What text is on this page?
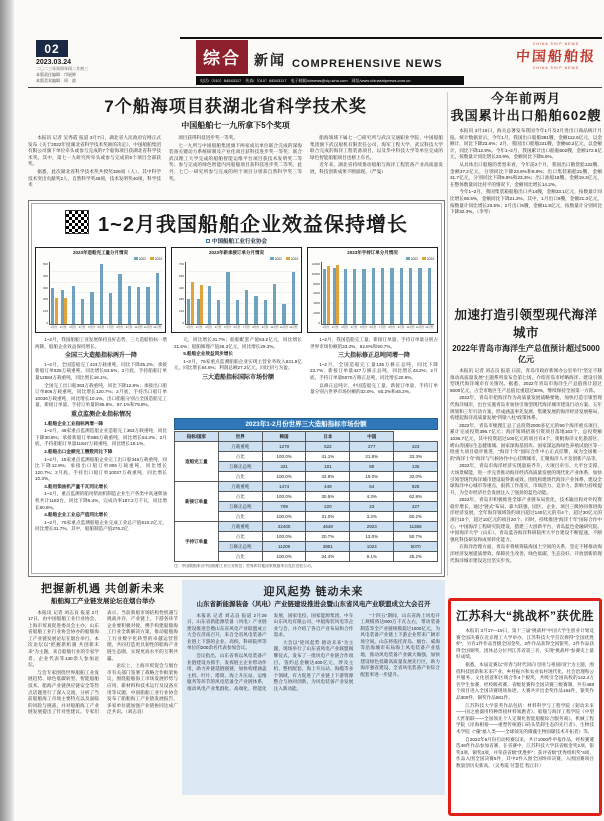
02
2023.03.24
二〇二三年癸卯年闰二月初三
本版责任编辑　邝展婷
本版美术编辑　周　波
综合 新闻 COMPREHENSIVE NEWS
电话/（010）84543117　传真/（010）84543117　电子邮箱/cbnews@vip.sina.com　网址/www.chinashipnews.com.cn
CHINA SHIP NEWS
中国船舶报
CHINA SHIP NEWS
7个船海项目获湖北省科学技术奖
中国船舶七一九所拿下5个奖项

本报讯 记者 吴秀霞 报道 3月7日，湖北省人民政府官网正式发布《关于2022年度湖北省科学技术奖励的决定》，中国船舶集团有限公司旗下单位牵头或参与完成的7个船海项目获湖北省科学技术奖。其中，第七一九研究所牵头或参与完成的5个项目全部获奖。

据悉，此次湖北省科学技术奖共授奖326项（人），其中科学技术突出贡献奖2人，自然科学奖45项，技术发明奖40项，科学技术

项目获得科技进步奖一等奖。

七一九所与中国船舶集团旗下两家成员单位联合完成的深海装备关键动力系统研制及产业化项目获科技进步奖一等奖；联合武汉理工大学完成的船舶智能运维平台项目获技术发明奖二等奖；参与完成的绿色智能内河船舶项目获科技进步奖二等奖。此外，七〇一研究所参与完成的两个项目分别获自然科学奖三等奖。

船海领域下属七一〇研究所与武汉交通职业学院、中国船舶集团旗下武汉船机有限责任公司，海军工程大学、武汉科技大学联合完成的海洋工程装备项目，以及华中科技大学等单位完成的绿色智能船舶项目也榜上有名。

近年来，湖北省持续推动船舶与海洋工程装备产业高质量发展，科技创新成果不断涌现。（严曼）

1~2月我国船舶企业效益保持增长
中国船舶工业行业协会
2023年造船完工量分月情况
2022	2023
500
400
300
200
100
0
1月份	2月份	3月份	4月份	5月份	6月份	7月份	8月份	9月份 10月份 11月份 12月份
2023年新承接订单分月情况
2022	2023
700
560
420
280
140
0
1月份	2月份	3月份	4月份	5月份	6月份	7月份	8月份	9月份 10月份 11月份 12月份
2023年手持订单分月情况
2022	2023
12000
10000
8000
6000
4000
2000
0
1月份	2月份	3月份	4月份	5月份	6月份	7月份	8月份	9月份 10月份 11月份 12月份

1~2月，我国船舶工业发展保持良好态势，三大造船指标一增两降，船舶企业效益保持增长。

全国三大造船指标两升一降

1~2月，全国造船完工423万载重吨，同比下降25.2%；承接新船订单925万载重吨，同比增长63.5%；2月底，手持船舶订单量12584万载重吨，同比增长16.1%。

全国完工出口船363万载重吨，同比下降12.8%；承接出口船订单806万载重吨，同比增长120.7%；2月底，手持出口船订单10036万载重吨，同比增长10.1%。出口船舶分别占全国造船完工量、新接订单量、手持订单量的85.8%、87.1%和79.8%。

重点监测企业指标情况

1.船舶企业工业指标两增一降

1~2月，45家重点监测造船企业造船完工363万载重吨，同比下降30.8%；承接新船订单885万载重吨，同比增长64.3%；2月底，手持船舶订单量11847万载重吨，同比增长16.1%。

2.船舶出口金额完工艘数同比下降

1~2月，15家重点监测船舶企业完工出口船346万载重吨，同比下降12.9%；承接出口船订单806万载重吨，同比增长120.7%；2月底，手持出口船订单10037万载重吨，同比增长10.3%。

3.船用柴油机产量千瓦同比增长

1~2月，重点监测的船用柴油机制造企业生产各类中高速柴油机共计1182台，同比下降5.4%，完成功率187.2万千瓦，同比增长60.6%。

4.船舶企业工业总产值同比增长

1~2月，75家重点监测船舶企业完成工业总产值610.2亿元，同比增长31.7%。其中，船舶制造产值276.2亿

元，同比增长31.7%；船舶配套产值53.2亿元，同比增长21.5%；船舶修理产值36.3亿元，同比增长29.3%。

5.船舶企业效益同步增长

1~2月，75家重点监测船舶企业实现主营业务收入621.8亿元，同比增长64.6%；利润总额27.2亿元，同比扭亏为盈。

三大造船指标国际市场份额

1~2月，我国造船完工量、新接订单量、手持订单量分别占世界市场份额的33.3%、62.8%和50.7%。

三大指标修正总吨同增一降

1~2月，全国造船完工量135万修正总吨，同比下降23.7%；新接订单量427万修正总吨，同比增长43.2%；2月底，手持订单量5070万修正总吨，同比增长20.9%。

以修正总吨计，中国造船完工量、新接订单量、手持订单量分别占世界市场份额的32.0%、60.2%和45.2%。

2023年1-2月份世界三大造船指标市场份额
指标/国家	世界	韩国	日本	中国	
造船完工量	万载重吨	1270	522	277	423
	占比	100.0%	41.1%	21.8%	33.3%
	万修正总吨	421	181	80	135
	占比	100.0%	42.9%	19.0%	32.0%
新接订单量	万载重吨	1474	449	64	925
	占比	100.0%	30.5%	4.3%	62.8%
	万修正总吨	709	220	23	427
	占比	100.0%	31.0%	3.2%	60.2%
手持订单量	万载重吨	22400	4648	2923	11356
	占比	100.0%	20.7%	13.0%	50.7%
	万修正总吨	11206	3851	1024	5070
	占比	100.0%	34.4%	9.1%	45.2%
注：中国数据来自中国船舶工业行业协会；世界和其他国家数据来自克拉克松公司。
今年前两月
我国累计出口船舶602艘

本报讯 3月18日，海关总署发布我国今年1月及2月进出口商品统计月报。统计数据显示，今年1月，我国出口船舶381艘，金额112.6亿元，以金额计，同比下降23.6%；2月，我国出口船舶221艘，金额60.2亿元，以金额计，同比下降12.9%。今年1~2月，我国累计出口船舶602艘，金额172.8亿元，按数量计同比增长23.9%，金额同比下降5.6%。

从具体出口船舶的类型来看，今年前2个月，我国出口散货船132艘，金额37.2亿元，分别同比下降23.6%和8.9%；出口集装箱船21艘，金额31.7亿元，分别同比下降6.8%和23.2%；出口油船18艘，金额19.3亿元，在整体数量同比持平的情况下，金额同比增长14.2%。

今年1~2月，我国集装箱船舶出口共14艘，金额33.1亿元，按数量计同比增长66.5%，金额同比下降21.2%。其中，1月出口9艘，金额21.3亿元，按数量计同比增长23.5%；2月出口5艘，金额11.8亿元，按数量计分别同比下降32.3%。（李琴）

加速打造引领型现代海洋城市
2022年青岛市海洋生产总值预计超过5000亿元

本报讯 记者 刘志良 报道 日前，青岛市政府新闻办公室举行“坚定不移推动高质量发展”主题系列发布会第七场，介绍青岛市经略海洋、建设引领型现代海洋城市有关情况。据悉，2022年青岛市海洋生产总值预计超过5000亿元，占全市地区生产总值比重超过30%，继续保持全国第一方阵。

2022年，青岛市把海洋作为高质量发展战略要地，加快打造引领型现代海洋城市，出台实施青岛市加快引领型现代海洋城市建设行动方案、五年规划和三年行动方案，形成涵盖率先发展、集聚发展的海洋经济发展格局，构建起海洋高质量发展“四梁八柱”政策体系。

2022年，青岛市梳理汇总了总投资2000多亿元的90个海洋重点项目，累计完成投资396.7亿元；海洋领域招商引资项目落地163个，总投资额1036.7亿元，其中投资超过100亿元的项目有4个。奥帆海洋文化旅游区、崂山湾国际生态健康城、国家深海基因库、国家深远海绿色养殖试验区等一批重大项目稳步推进，“海洋十年”国际合作中心正式挂牌，成为全国唯一的“海洋十年”海洋与气候协作中心挂牌城市，汇聚海洋人才及创新产品等。

2022年，青岛市海洋经济实现量质齐升，大项目牵引、大平台支撑、大场景赋能，进一步完善推动海洋经济高质量发展的现代化产业体系，加快引领型现代海洋城市建设取得新成效。围绕构建现代海洋产业体系、建设全球海洋中心城市等重点，狠抓工作落实，市场活力、竞争力、影响力持续提升，为全市经济社会发展注入了强劲的蓝色动能。

2022年，青岛市积极推进全球产业链布局优化，技术输出和对外投资稳步增长，通过“链式”布局、靠大联强，园区、企业、项目三级协同推进海洋经济发展，全年海洋领域签约项目超过140亿元的有4个，超过30亿元的项目10个，超过10亿元的项目20个。同时，持续推进“海洋十年”国际合作中心、中国海洋工程研究院建设，搭建三大创新平台，青岛蓝色金融研究院、中国海洋大学（山东）、青岛蓝谷海洋科研院所大平台建设不断提速，不断强化科技研发和成果转化能力。

在海洋治理方面，青岛市将统筹陆海国土空间的关系，坚定不移推动海洋经济发展提质增效、保障民生改善，绿色低碳、生态良好、开放创新的现代海洋城市建设迈出坚实步伐。

江苏科大“挑战杯”获优胜

本报讯 3月17—19日，第十三届“挑战杯”中国大学生创业计划竞赛全国决赛在北京理工大学举办，江苏科技大学首次捧得“全国优胜杯”，另有1件作品晋级全国金奖、2件作品获得全国银奖、2件作品获得全国铜奖，团体总分位列江苏省第三名，实现“挑战杯”参赛史上最好成绩。

据悉，本届竞赛以“青春与时代同向 创业与祖国同行”为主题，围绕科技创新和未来产业、乡村振兴和农业农村现代化、社会治理和公共服务、文化创意和区域合作4个板块，共吸引全国高校的142.4万名学生参赛，经校级初赛、省级复赛和全国决赛三级赛制，共有488个项目进入全国决赛现场角逐，大赛共评出金奖作品164件，银奖作品300件，铜奖作品681件。

江苏科技大学获奖作品包括：材料科学与工程学院《韧动未来——国之重器用特种焊接材料领跑者》、船舶与海洋工程学院《中望大匠船联——全国领先个人定制化智能船艇综合服务商》、机械工程学院《岸海相接——重塑传统港口码头装卸生态的先行者》、生物技术学院《“藻”福人类——全球领先的微藻生物固碳技术开拓者》等。

自2022年6月份启动校赛以来，共计1000件申报作品，经校赛遴选46件作品参加省赛，在省赛中，江苏科技大学获省级金奖2项、银奖3项、铜奖3项，并荣获省级“优胜杯”；获评省级“优秀组织奖”4项，作品入围全国决赛5件，其中2件入围全国终审决赛，入围国赛项目数量创历史新高。（吴秀霞 付慧佳 程正轩）

把握新机遇 共创新未来
船舶海工产业链发展论坛在烟台举办

本报讯 记者 刘志良 报道 2月17日，由中国船舶工业行业协会、上海市贸易促进委员会主办，山东省船舶工业行业协会协办的船舶海工产业链发展论坛在烟台举行。本次论坛以“把握新机遇 共创新未来”为主题，来自船舶行业的专家学者、企业代表等130余人参加论坛。

与会专家围绕世界船舶工业发展趋势、绿色低碳转型、智能船舶技术、船海产业链供应链安全等热点话题进行了深入交流，分析了当前船舶海工市场主要特点以及面临的风险与挑战，并对船舶海工产业链发展提出了针对性建议。专家们表示，当前新船市场结构性机遇与挑战并存，产业链上、下游各环节企业要积极对接，携手构建船舶海工行业全新解决方案，推动船舶海工行业数字化转型的卓越运营管理，共同打造更具韧性的船海产业链生态圈，实现更高水平的互利共赢。

论坛上，上海市贸促会与烟台市有关部门签署了战略合作框架协议，围绕船舶海工市场发展形势与应用、新材料和技术运行及设备应用等议题，中国船舶工业行业协会发布了船舶海工产业链发展报告，多家单位就加强产业链协同达成广泛共识。（刘志良）

迎风起势 链动未来
山东省新能源装备（风电）产业链建设推进会暨山东省风电产业联盟成立大会召开

本报讯 记者 刘志良 报道 2月26日，山东省新能源装备（风电）产业链建设推进会暨山东省风电产业联盟成立大会在济南召开，来自全省风电装备产业链上下游的企业、高校、科研院所等单位的200余名代表参加会议。

会议指出，山东省将以风电装备产业链建设为抓手，发挥链主企业带动作用，助力补链延链强链，加快构建涵盖主机、叶片、塔筒、海上升压站、运维服务等环节的风电装备全产业链体系，推动风电产业集群化、高端化、智能化发展，国家电投、国家能源集团、中车山东风电有限公司、中船海装风电等企业与会，并介绍了各自产业布局和合作需求。

大会以“迎风起势 链动未来”为主题，现场举行了山东省风电产业联盟揭牌仪式，发布了一批风电产业链合作项目，签约总金额达400亿元，涉及主机、整机配套、海上升压站、海缆等多个领域，有力促进了产业链上下游资源整合与协同创新，为风电装备产业发展注入新动能。

“十四五”期间，山东省海上风电开工规模将达800万千瓦左右，带动装备制造等全产业链规模超过1000亿元，为风电装备产业链上下游企业带来广阔市场空间。山东将依托青岛、烟台、威海等沿海城市布局海上风电装备产业基地，推动风电装备产业做大做强，加快建设绿色低碳高质量发展先行区，助力海洋强省建设，全省风电装备产业综合配套率进一步提升。
